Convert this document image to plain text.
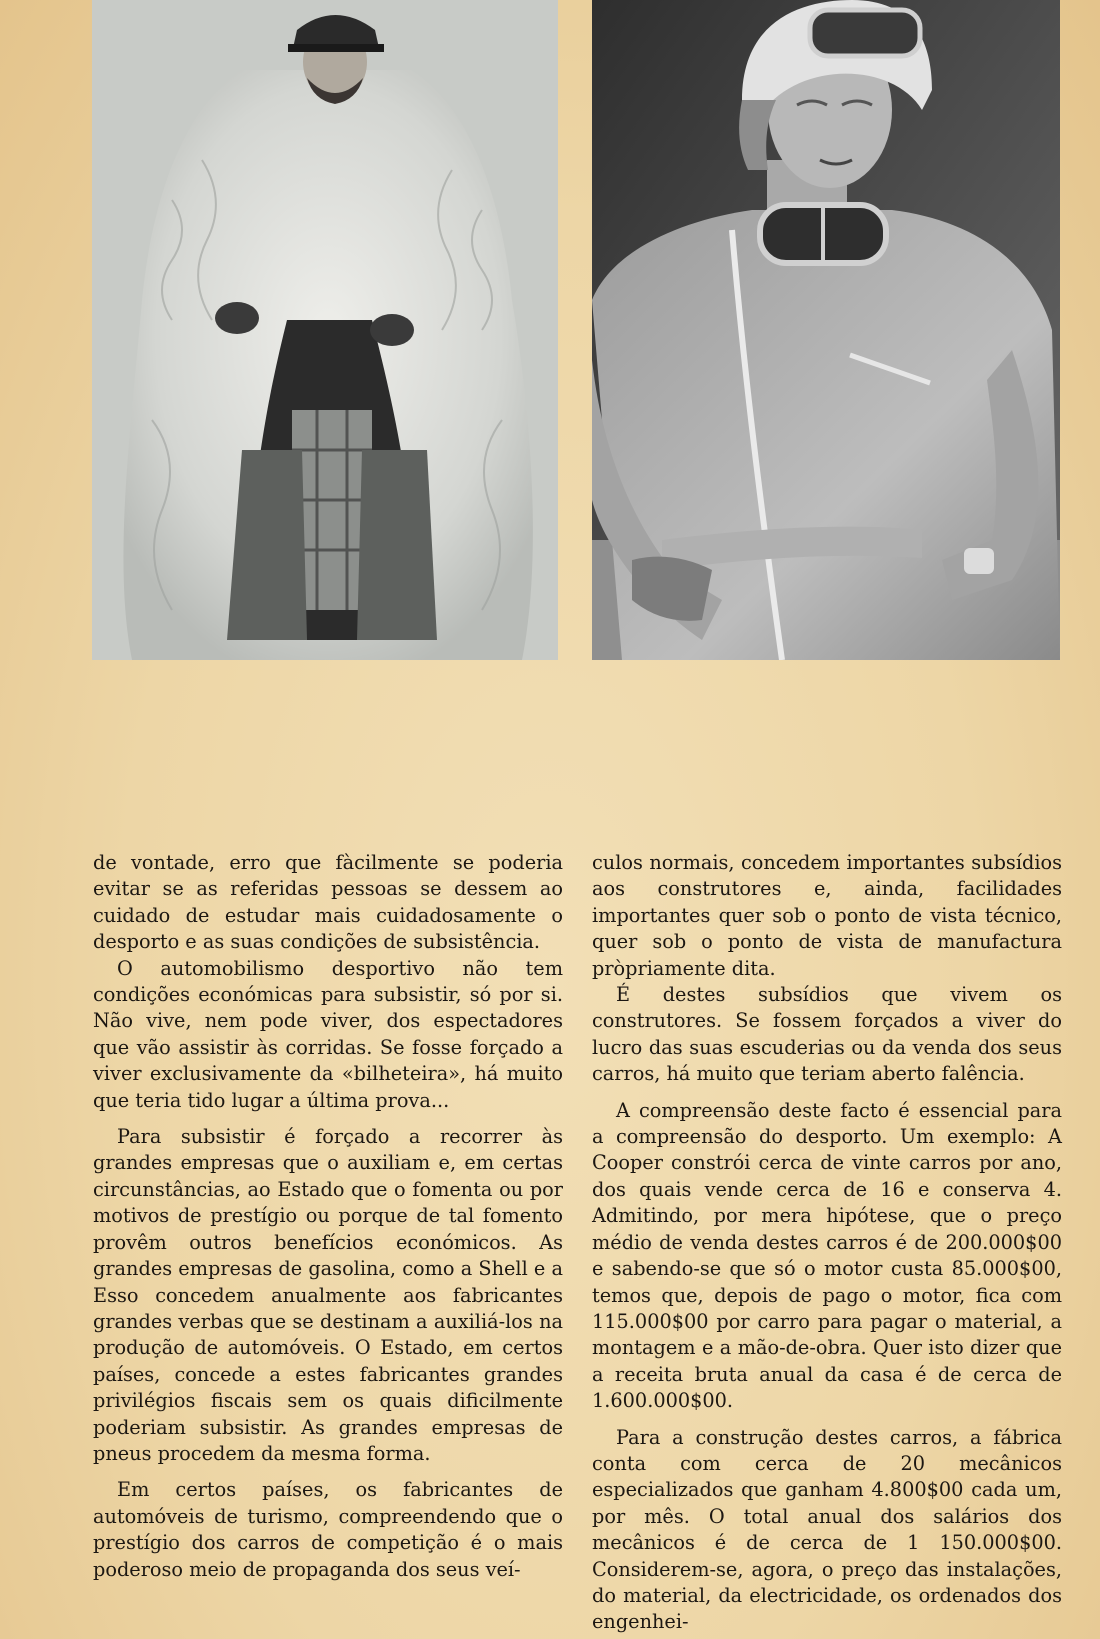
de vontade, erro que fàcilmente se poderia evitar se as referidas pessoas se dessem ao cuidado de estudar mais cuidadosamente o desporto e as suas condições de subsistência.

O automobilismo desportivo não tem condições económicas para subsistir, só por si. Não vive, nem pode viver, dos espectadores que vão assistir às corridas. Se fosse forçado a viver exclusivamente da «bilheteira», há muito que teria tido lugar a última prova...

Para subsistir é forçado a recorrer às grandes empresas que o auxiliam e, em certas circunstâncias, ao Estado que o fomenta ou por motivos de prestígio ou porque de tal fomento provêm outros benefícios económicos. As grandes empresas de gasolina, como a Shell e a Esso concedem anualmente aos fabricantes grandes verbas que se destinam a auxiliá-los na produção de automóveis. O Estado, em certos países, concede a estes fabricantes grandes privilégios fiscais sem os quais dificilmente poderiam subsistir. As grandes empresas de pneus procedem da mesma forma.

Em certos países, os fabricantes de automóveis de turismo, compreendendo que o prestígio dos carros de competição é o mais poderoso meio de propaganda dos seus veí-

culos normais, concedem importantes subsídios aos construtores e, ainda, facilidades importantes quer sob o ponto de vista técnico, quer sob o ponto de vista de manufactura pròpriamente dita.

É destes subsídios que vivem os construtores. Se fossem forçados a viver do lucro das suas escuderias ou da venda dos seus carros, há muito que teriam aberto falência.

A compreensão deste facto é essencial para a compreensão do desporto. Um exemplo: A Cooper constrói cerca de vinte carros por ano, dos quais vende cerca de 16 e conserva 4. Admitindo, por mera hipótese, que o preço médio de venda destes carros é de 200.000$00 e sabendo-se que só o motor custa 85.000$00, temos que, depois de pago o motor, fica com 115.000$00 por carro para pagar o material, a montagem e a mão-de-obra. Quer isto dizer que a receita bruta anual da casa é de cerca de 1.600.000$00.

Para a construção destes carros, a fábrica conta com cerca de 20 mecânicos especializados que ganham 4.800$00 cada um, por mês. O total anual dos salários dos mecânicos é de cerca de 1 150.000$00. Considerem-se, agora, o preço das instalações, do material, da electricidade, os ordenados dos engenhei-
